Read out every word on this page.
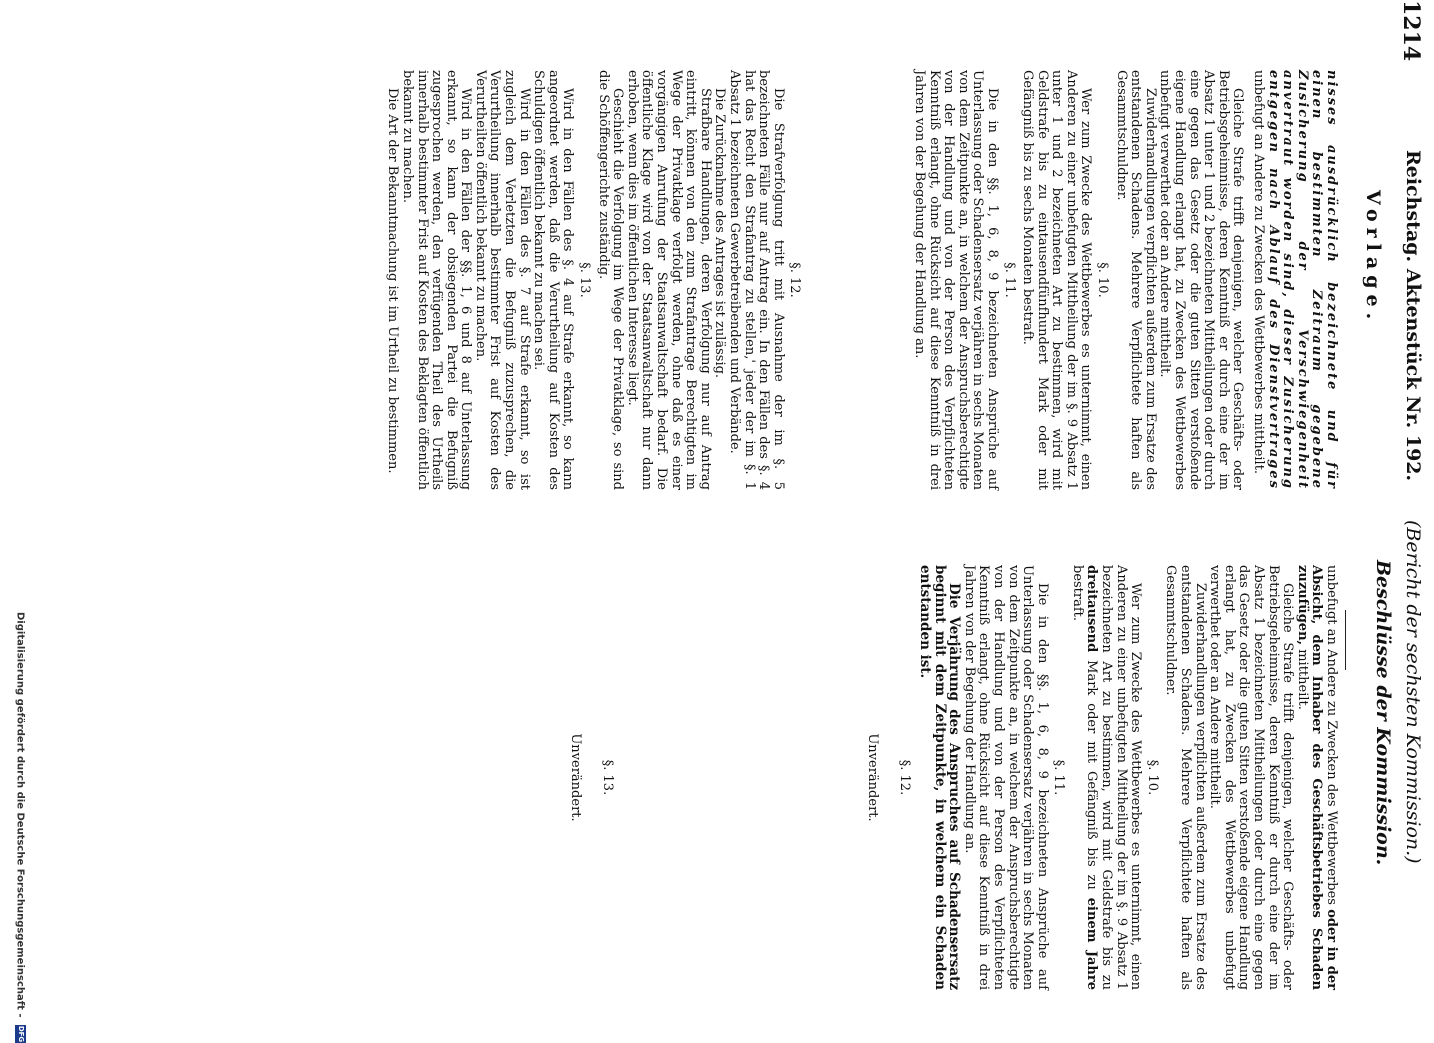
1214
Reichstag. Aktenstück Nr. 192.
(Bericht der sechsten Kommission.)
Vorlage.
Beschlüsse der Kommission.

nisses ausdrücklich bezeichnete und für einen bestimmten Zeitraum gegebene Zusicherung der Verschwiegenheit anvertraut worden sind, dieser Zusicherung entgegen nach Ablauf des Dienstvertrages unbefugt an Andere zu Zwecken des Wettbewerbes mittheilt.

Gleiche Strafe trifft denjenigen, welcher Geschäfts- oder Betriebsgeheimnisse, deren Kenntniß er durch eine der im Absatz 1 unter 1 und 2 bezeichneten Mittheilungen oder durch eine gegen das Gesetz oder die guten Sitten verstoßende eigene Handlung erlangt hat, zu Zwecken des Wettbewerbes unbefugt verwerthet oder an Andere mittheilt.

Zuwiderhandlungen verpflichten außerdem zum Ersatze des entstandenen Schadens. Mehrere Verpflichtete haften als Gesammtschuldner.

§. 10.

Wer zum Zwecke des Wettbewerbes es unternimmt, einen Anderen zu einer unbefugten Mittheilung der im §. 9 Absatz 1 unter 1 und 2 bezeichneten Art zu bestimmen, wird mit Geldstrafe bis zu eintausendfünfhundert Mark oder mit Gefängniß bis zu sechs Monaten bestraft.

§. 11.

Die in den §§. 1, 6, 8, 9 bezeichneten Ansprüche auf Unterlassung oder Schadensersatz verjähren in sechs Monaten von dem Zeitpunkte an, in welchem der Anspruchsberechtigte von der Handlung und von der Person des Verpflichteten Kenntniß erlangt, ohne Rücksicht auf diese Kenntniß in drei Jahren von der Begehung der Handlung an.

§. 12.

Die Strafverfolgung tritt mit Ausnahme der im §. 5 bezeichneten Fälle nur auf Antrag ein. In den Fällen des §. 4 hat das Recht den Strafantrag zu stellen,' jeder der im §. 1 Absatz 1 bezeichneten Gewerbetreibenden und Verbände.

Die Zurücknahme des Antrages ist zulässig.

Strafbare Handlungen, deren Verfolgung nur auf Antrag eintritt, können von den zum Strafantrage Berechtigten im Wege der Privatklage verfolgt werden, ohne daß es einer vorgängigen Anrufung der Staatsanwaltschaft bedarf. Die öffentliche Klage wird von der Staatsanwaltschaft nur dann erhoben, wenn dies im öffentlichen Interesse liegt.

Geschieht die Verfolgung im Wege der Privatklage, so sind die Schöffengerichte zuständig.

§. 13.

Wird in den Fällen des §. 4 auf Strafe erkannt, so kann angeordnet werden, daß die Verurtheilung auf Kosten des Schuldigen öffentlich bekannt zu machen sei.

Wird in den Fällen des §. 7 auf Strafe erkannt, so ist zugleich dem Verletzten die Befugniß zuzusprechen, die Verurtheilung innerhalb bestimmter Frist auf Kosten des Verurtheilten öffentlich bekannt zu machen.

Wird in den Fällen der §§. 1, 6 und 8 auf Unterlassung erkannt, so kann der obsiegenden Partei die Befugniß zugesprochen werden, den verfügenden Theil des Urtheils innerhalb bestimmter Frist auf Kosten des Beklagten öffentlich bekannt zu machen.

Die Art der Bekanntmachung ist im Urtheil zu bestimmen.

unbefugt an Andere zu Zwecken des Wettbewerbes oder in der Absicht, dem Inhaber des Geschäftsbetriebes Schaden zuzufügen, mittheilt.

Gleiche Strafe trifft denjenigen, welcher Geschäfts- oder Betriebsgeheimnisse, deren Kenntniß er durch eine der im Absatz 1 bezeichneten Mittheilungen oder durch eine gegen das Gesetz oder die guten Sitten verstoßende eigene Handlung erlangt hat, zu Zwecken des Wettbewerbes unbefugt verwerthet oder an Andere mittheilt.

Zuwiderhandlungen verpflichten außerdem zum Ersatze des entstandenen Schadens. Mehrere Verpflichtete haften als Gesammtschuldner.

§. 10.

Wer zum Zwecke des Wettbewerbes es unternimmt, einen Anderen zu einer unbefugten Mittheilung der im §. 9 Absatz 1 bezeichneten Art zu bestimmen, wird mit Geldstrafe bis zu dreitausend Mark oder mit Gefängniß bis zu einem Jahre bestraft.

§. 11.

Die in den §§. 1, 6, 8, 9 bezeichneten Ansprüche auf Unterlassung oder Schadensersatz verjähren in sechs Monaten von dem Zeitpunkte an, in welchem der Anspruchsberechtigte von der Handlung und von der Person des Verpflichteten Kenntniß erlangt, ohne Rücksicht auf diese Kenntniß in drei Jahren von der Begehung der Handlung an.

Die Verjährung des Anspruches auf Schadensersatz beginnt mit dem Zeitpunkte, in welchem ein Schaden entstanden ist.

§. 12.

Unverändert.

§. 13.

Unverändert.

Digitalisierung gefördert durch die Deutsche Forschungsgemeinschaft - DFG
